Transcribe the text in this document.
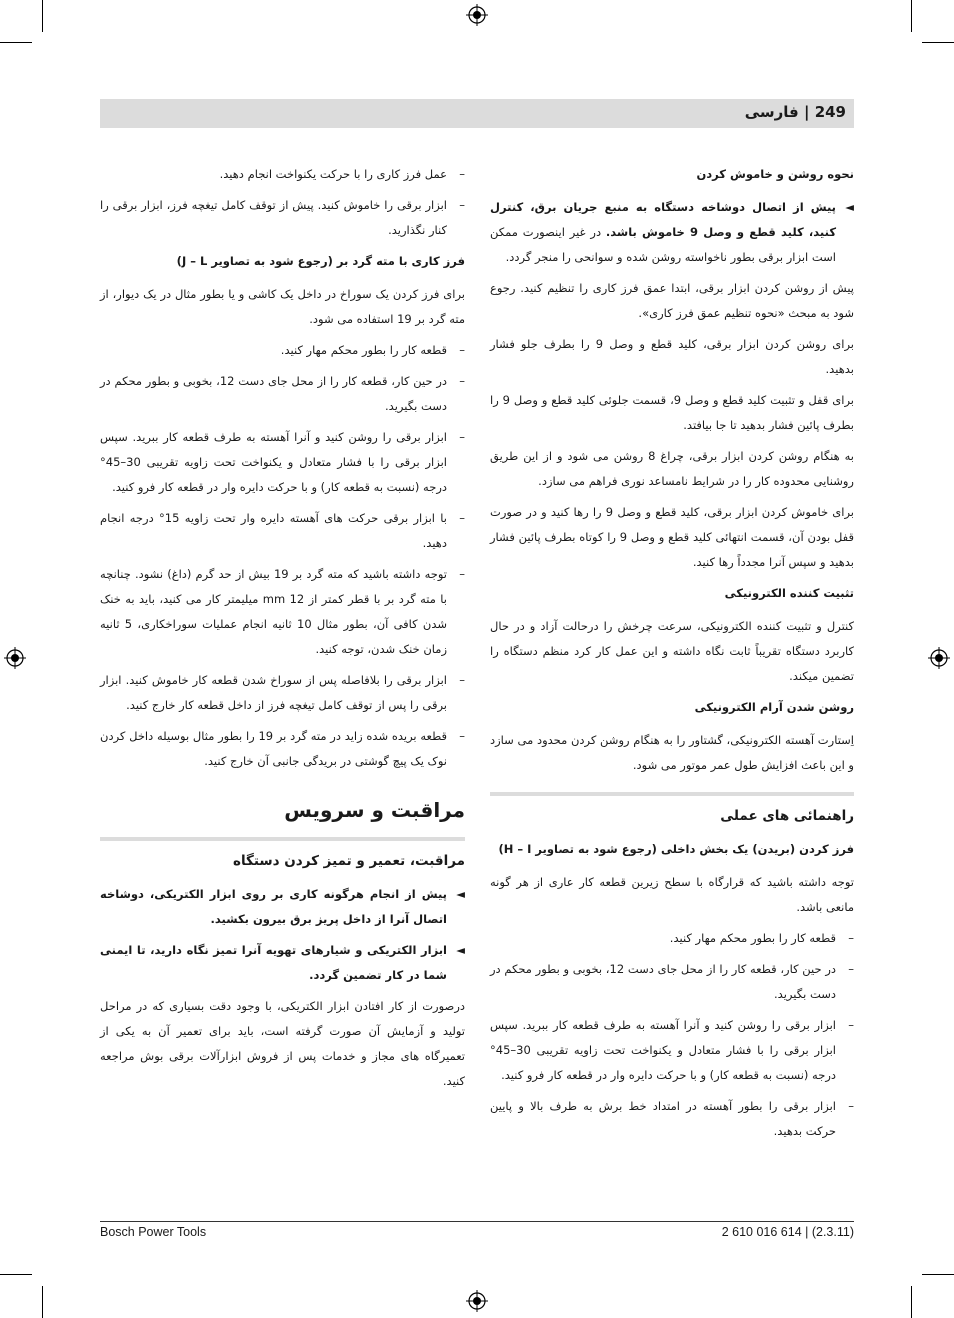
249 | فارسی
نحوه روشن و خاموش کردن
◄
پیش از اتصال دوشاخه دستگاه به منبع جریان برق، کنترل کنید، کلید قطع و وصل 9 خاموش باشد. در غیر اینصورت ممکن است ابزار برقی بطور ناخواسته روشن شده و سوانحی را منجر گردد.

پیش از روشن کردن ابزار برقی، ابتدا عمق فرز کاری را تنظیم کنید. رجوع شود به مبحث «نحوه تنظیم عمق فرز کاری».

برای روشن کردن ابزار برقی، کلید قطع و وصل 9 را بطرف جلو فشار بدهید.

برای قفل و تثبیت کلید قطع و وصل 9، قسمت جلوئی کلید قطع و وصل 9 را بطرف پائین فشار بدهید تا جا بیافتد.

به هنگام روشن کردن ابزار برقی، چراغ 8 روشن می شود و از این طریق روشنایی محدوده کار را در شرایط نامساعد نوری فراهم می سازد.

برای خاموش کردن ابزار برقی، کلید قطع و وصل 9 را رها کنید و در صورت قفل بودن آن، قسمت انتهائی کلید قطع و وصل 9 را کوتاه بطرف پائین فشار بدهید و سپس آنرا مجدداً رها کنید.

تثبیت کننده الکترونیکی

کنترل و تثبیت کننده الکترونیکی، سرعت چرخش را درحالت آزاد و در حال کاربرد دستگاه تقریباً ثابت نگاه داشته و این عمل کار کرد منظم دستگاه را تضمین میکند.

روشن شدن آرام الکترونیکی

اِستارت آهسته الکترونیکی، گشتاور را به هنگام روشن کردن محدود می سازد و این باعث افزایش طول عمر موتور می شود.

راهنمائی های عملی
فرز کردن (بریدن) یک بخش داخلی (رجوع شود به تصاویر H – I)

توجه داشته باشید که قرارگاه با سطح زیرین قطعه کار عاری از هر گونه مانعی باشد.

–
قطعه کار را بطور محکم مهار کنید.
–
در حین کار، قطعه کار را از محل جای دست 12، بخوبی و بطور محکم در دست بگیرید.
–
ابزار برقی را روشن کنید و آنرا آهسته به طرف قطعه کار ببرید. سپس ابزار برقی را با فشار متعادل و یکنواخت تحت زاویه تقریبی 30–45° درجه (نسبت به قطعه کار) و با حرکت دایره وار در قطعه کار فرو کنید.
–
ابزار برقی را بطور آهسته در امتداد خط برش به طرف بالا و پایین حرکت بدهید.
–
عمل فرز کاری را با حرکت یکنواخت انجام دهید.
–
ابزار برقی را خاموش کنید. پیش از توقف کامل تیغچه فرز، ابزار برقی را کنار نگذارید.
فرز کاری با مته گرد بر (رجوع شود به تصاویر J – L)

برای فرز کردن یک سوراخ در داخل یک کاشی و یا بطور مثال در یک دیوار، از مته گرد بر 19 استفاده می شود.

–
قطعه کار را بطور محکم مهار کنید.
–
در حین کار، قطعه کار را از محل جای دست 12، بخوبی و بطور محکم در دست بگیرید.
–
ابزار برقی را روشن کنید و آنرا آهسته به طرف قطعه کار ببرید. سپس ابزار برقی را با فشار متعادل و یکنواخت تحت زاویه تقریبی 30–45° درجه (نسبت به قطعه کار) و با حرکت دایره وار در قطعه کار فرو کنید.
–
با ابزار برقی حرکت های آهسته دایره وار تحت زاویه 15° درجه انجام دهید.
–
توجه داشته باشید که مته گرد بر 19 بیش از حد گرم (داغ) نشود. چنانچه با مته گرد بر با قطر کمتر از 12 mm میلیمتر کار می کنید، باید به خنک شدن کافی آن، بطور مثال 10 ثانیه انجام عملیات سوراخکاری، 5 ثانیه زمان خنک شدن، توجه کنید.
–
ابزار برقی را بلافاصله پس از سوراخ شدن قطعه کار خاموش کنید. ابزار برقی را پس از توقف کامل تیغچه فرز از داخل قطعه کار خارج کنید.
–
قطعه بریده شده زاید در مته گرد بر 19 را بطور مثال بوسیله داخل کردن نوک یک پیچ گوشتی در بریدگی جانبی آن خارج کنید.
مراقبت و سرویس
مراقبت، تعمیر و تمیز کردن دستگاه
◄
پیش از انجام هرگونه کاری بر روی ابزار الکتریکی، دوشاخه اتصال آنرا از داخل پریز برق بیرون بکشید.
◄
ابزار الکتریکی و شیارهای تهویه آنرا تمیز نگاه دارید، تا ایمنی شما در کار تضمین گردد.

درصورت از کار افتادن ابزار الکتریکی، با وجود دقت بسیاری که در مراحل تولید و آزمایش آن صورت گرفته است، باید برای تعمیر آن به یکی از تعمیرگاه های مجاز و خدمات پس از فروش ابزارآلات برقی بوش مراجعه کنید.

Bosch Power Tools	2 610 016 614 | (2.3.11)
